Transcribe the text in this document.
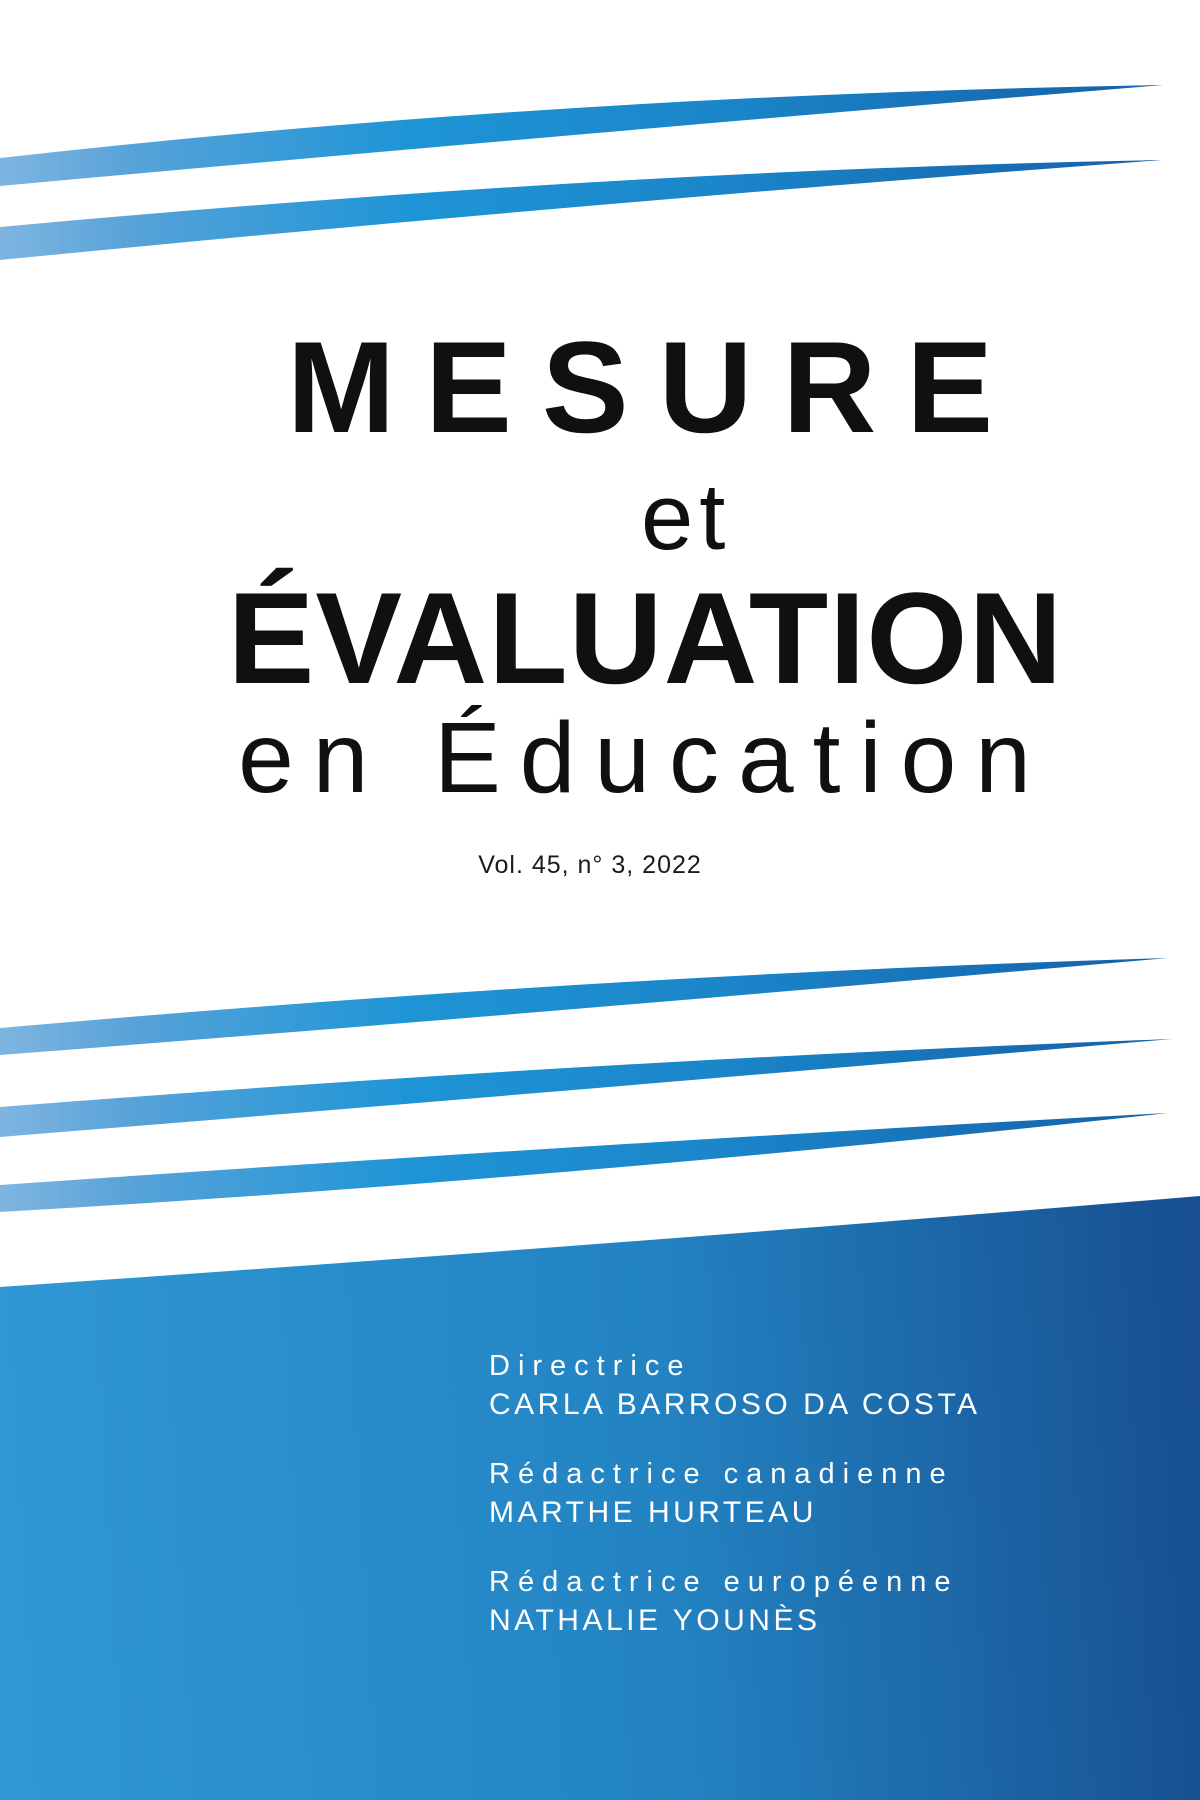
MESURE
et
ÉVALUATION
en Éducation
Vol. 45, n° 3, 2022
Directrice
CARLA BARROSO DA COSTA
Rédactrice canadienne
MARTHE HURTEAU
Rédactrice européenne
NATHALIE YOUNÈS
